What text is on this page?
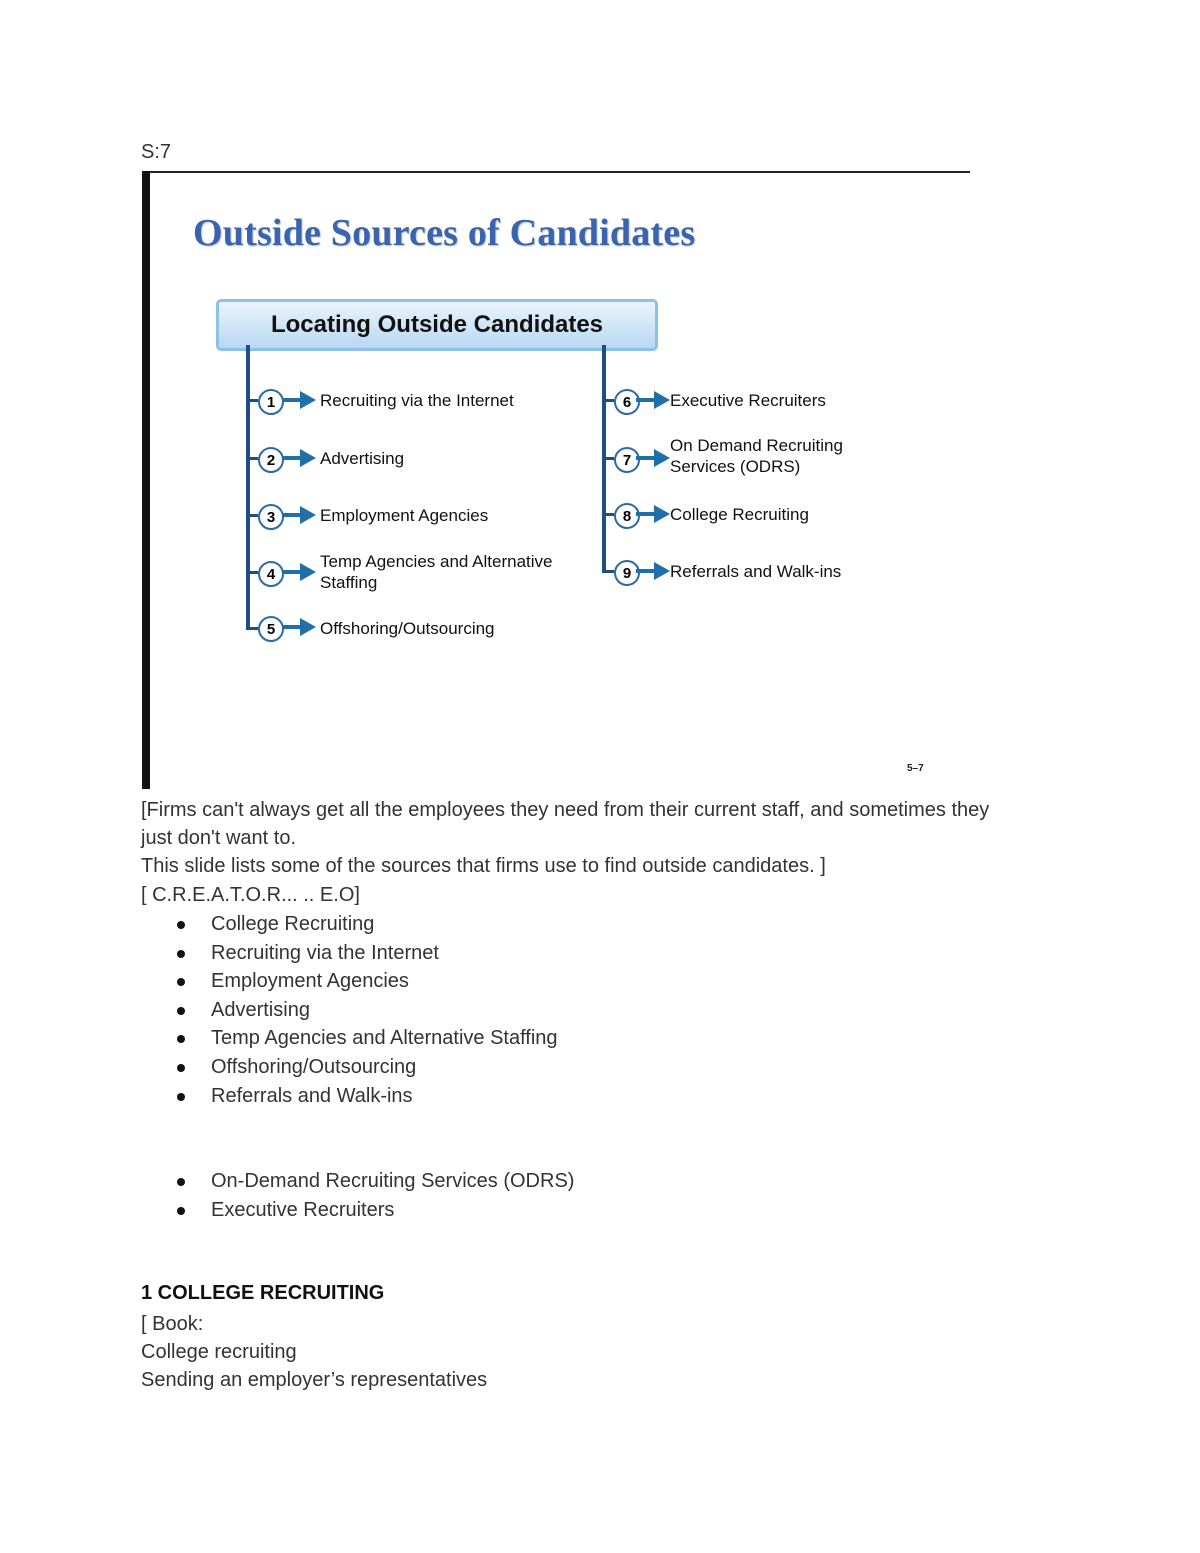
S:7
Outside Sources of Candidates
Locating Outside Candidates
1	Recruiting via the Internet
2	Advertising
3	Employment Agencies
4
Temp Agencies and Alternative Staffing
5	Offshoring/Outsourcing
6	Executive Recruiters
7
On Demand Recruiting Services (ODRS)
8	College Recruiting
9	Referrals and Walk-ins
5–7
[Firms can't always get all the employees they need from their current staff, and sometimes they
just don't want to.
This slide lists some of the sources that firms use to find outside candidates. ]
[ C.R.E.A.T.O.R... .. E.O]
College Recruiting
Recruiting via the Internet
Employment Agencies
Advertising
Temp Agencies and Alternative Staffing
Offshoring/Outsourcing
Referrals and Walk-ins
On-Demand Recruiting Services (ODRS)
Executive Recruiters
1 COLLEGE RECRUITING
[ Book:
College recruiting
Sending an employer’s representatives
